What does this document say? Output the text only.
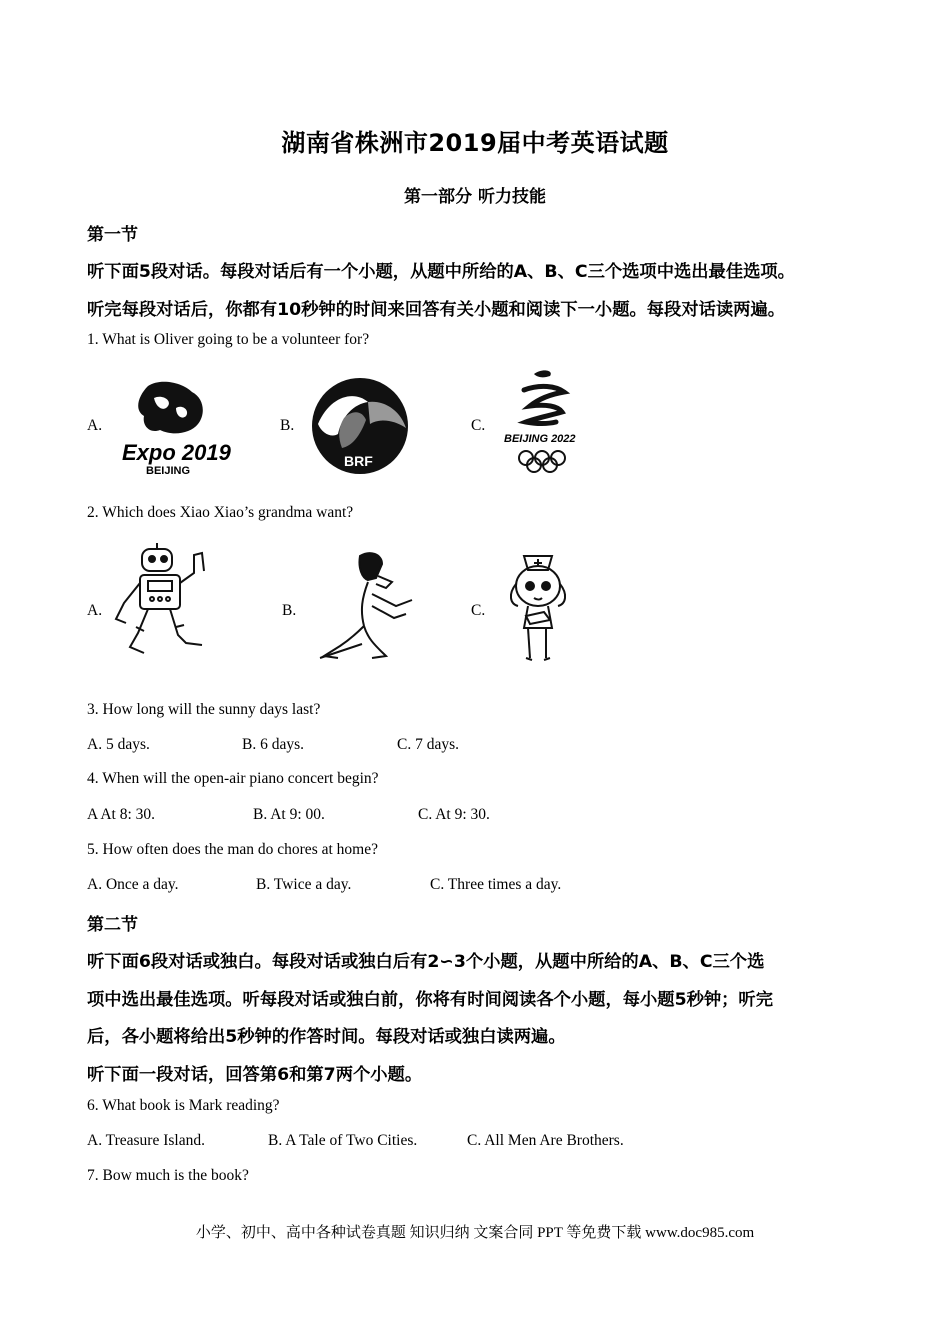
湖南省株洲市2019届中考英语试题
第一部分 听力技能
第一节
听下面5段对话。每段对话后有一个小题，从题中所给的A、B、C三个选项中选出最佳选项。
听完每段对话后，你都有10秒钟的时间来回答有关小题和阅读下一小题。每段对话读两遍。
1. What is Oliver going to be a volunteer for?
A.	B.	C.
Expo 2019
BEIJING
BRF
BEIJING 2022
2. Which does Xiao Xiao’s grandma want?
A.	B.	C.
3. How long will the sunny days last?
A. 5 days.	B. 6 days.	C. 7 days.
4. When will the open-air piano concert begin?
A At 8: 30.	B. At 9: 00.	C. At 9: 30.
5. How often does the man do chores at home?
A. Once a day.	B. Twice a day.	C. Three times a day.
第二节
听下面6段对话或独白。每段对话或独白后有2∽3个小题，从题中所给的A、B、C三个选
项中选出最佳选项。听每段对话或独白前，你将有时间阅读各个小题，每小题5秒钟；听完
后，各小题将给出5秒钟的作答时间。每段对话或独白读两遍。
听下面一段对话，回答第6和第7两个小题。
6. What book is Mark reading?
A. Treasure Island.	B. A Tale of Two Cities.	C. All Men Are Brothers.
7. Bow much is the book?
小学、初中、高中各种试卷真题 知识归纳 文案合同 PPT 等免费下载 www.doc985.com
